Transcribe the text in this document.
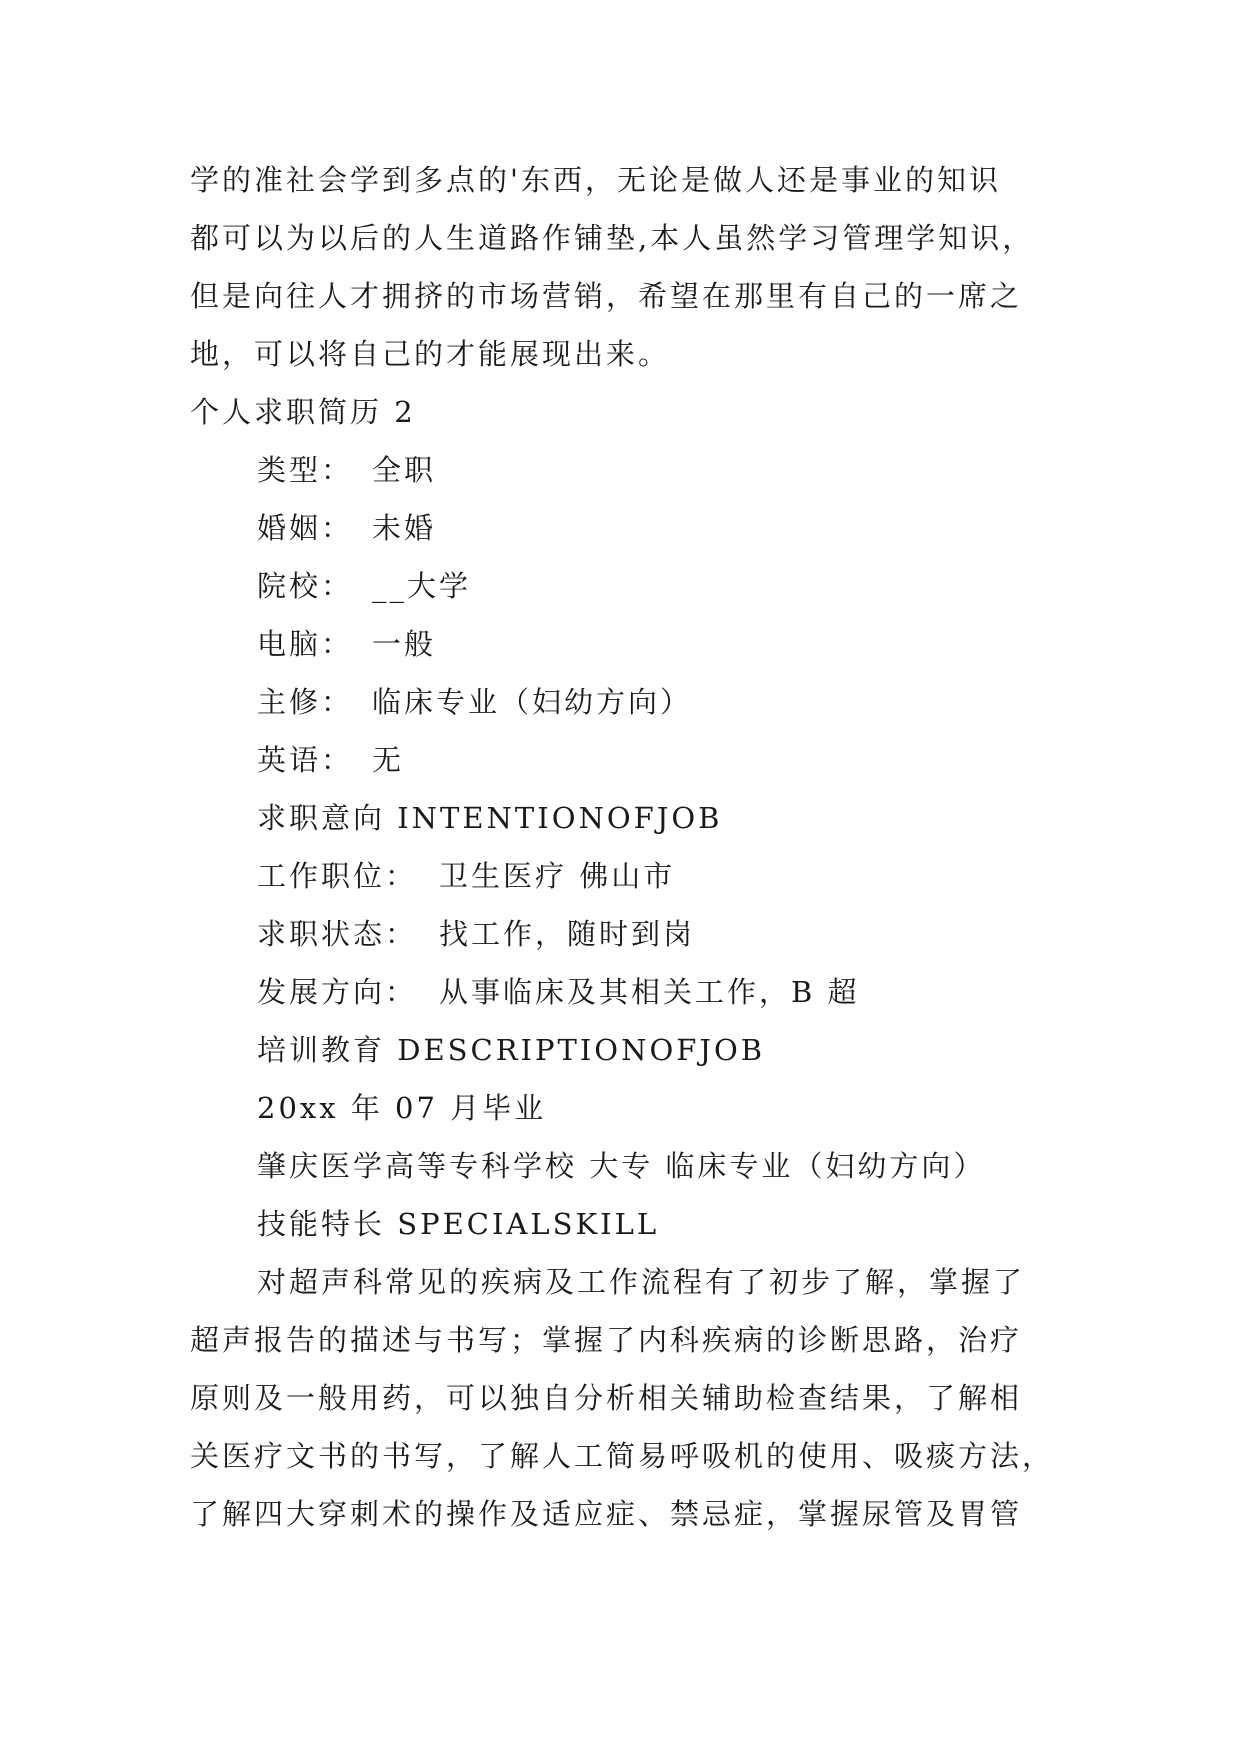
学的准社会学到多点的'东西，无论是做人还是事业的知识
都可以为以后的人生道路作铺垫,本人虽然学习管理学知识，
但是向往人才拥挤的市场营销，希望在那里有自己的一席之
地，可以将自己的才能展现出来。
个人求职简历 2
类型： 全职
婚姻： 未婚
院校： __大学
电脑： 一般
主修： 临床专业（妇幼方向）
英语： 无
求职意向 INTENTIONOFJOB
工作职位： 卫生医疗 佛山市
求职状态： 找工作，随时到岗
发展方向： 从事临床及其相关工作，B 超
培训教育 DESCRIPTIONOFJOB
20xx 年 07 月毕业
肇庆医学高等专科学校 大专 临床专业（妇幼方向）
技能特长 SPECIALSKILL
对超声科常见的疾病及工作流程有了初步了解，掌握了
超声报告的描述与书写；掌握了内科疾病的诊断思路，治疗
原则及一般用药，可以独自分析相关辅助检查结果，了解相
关医疗文书的书写，了解人工简易呼吸机的使用、吸痰方法，
了解四大穿刺术的操作及适应症、禁忌症，掌握尿管及胃管
